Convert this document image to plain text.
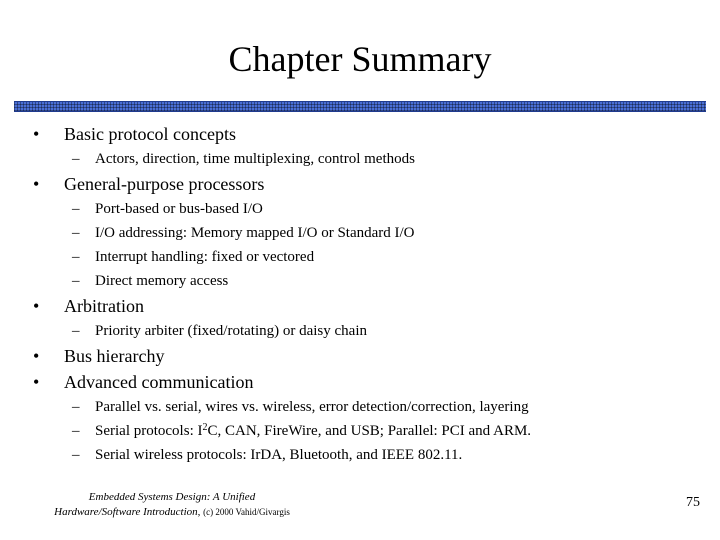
Chapter Summary
• Basic protocol concepts
– Actors, direction, time multiplexing, control methods
• General-purpose processors
– Port-based or bus-based I/O
– I/O addressing: Memory mapped I/O or Standard I/O
– Interrupt handling: fixed or vectored
– Direct memory access
• Arbitration
– Priority arbiter (fixed/rotating) or daisy chain
• Bus hierarchy
• Advanced communication
– Parallel vs. serial, wires vs. wireless, error detection/correction, layering
– Serial protocols: $I^2C$, CAN, FireWire, and USB; Parallel: PCI and ARM.
– Serial wireless protocols: IrDA, Bluetooth, and IEEE 802.11.
Embedded Systems Design: A Unified
Hardware/Software Introduction, (c) 2000 Vahid/Givargis
75
